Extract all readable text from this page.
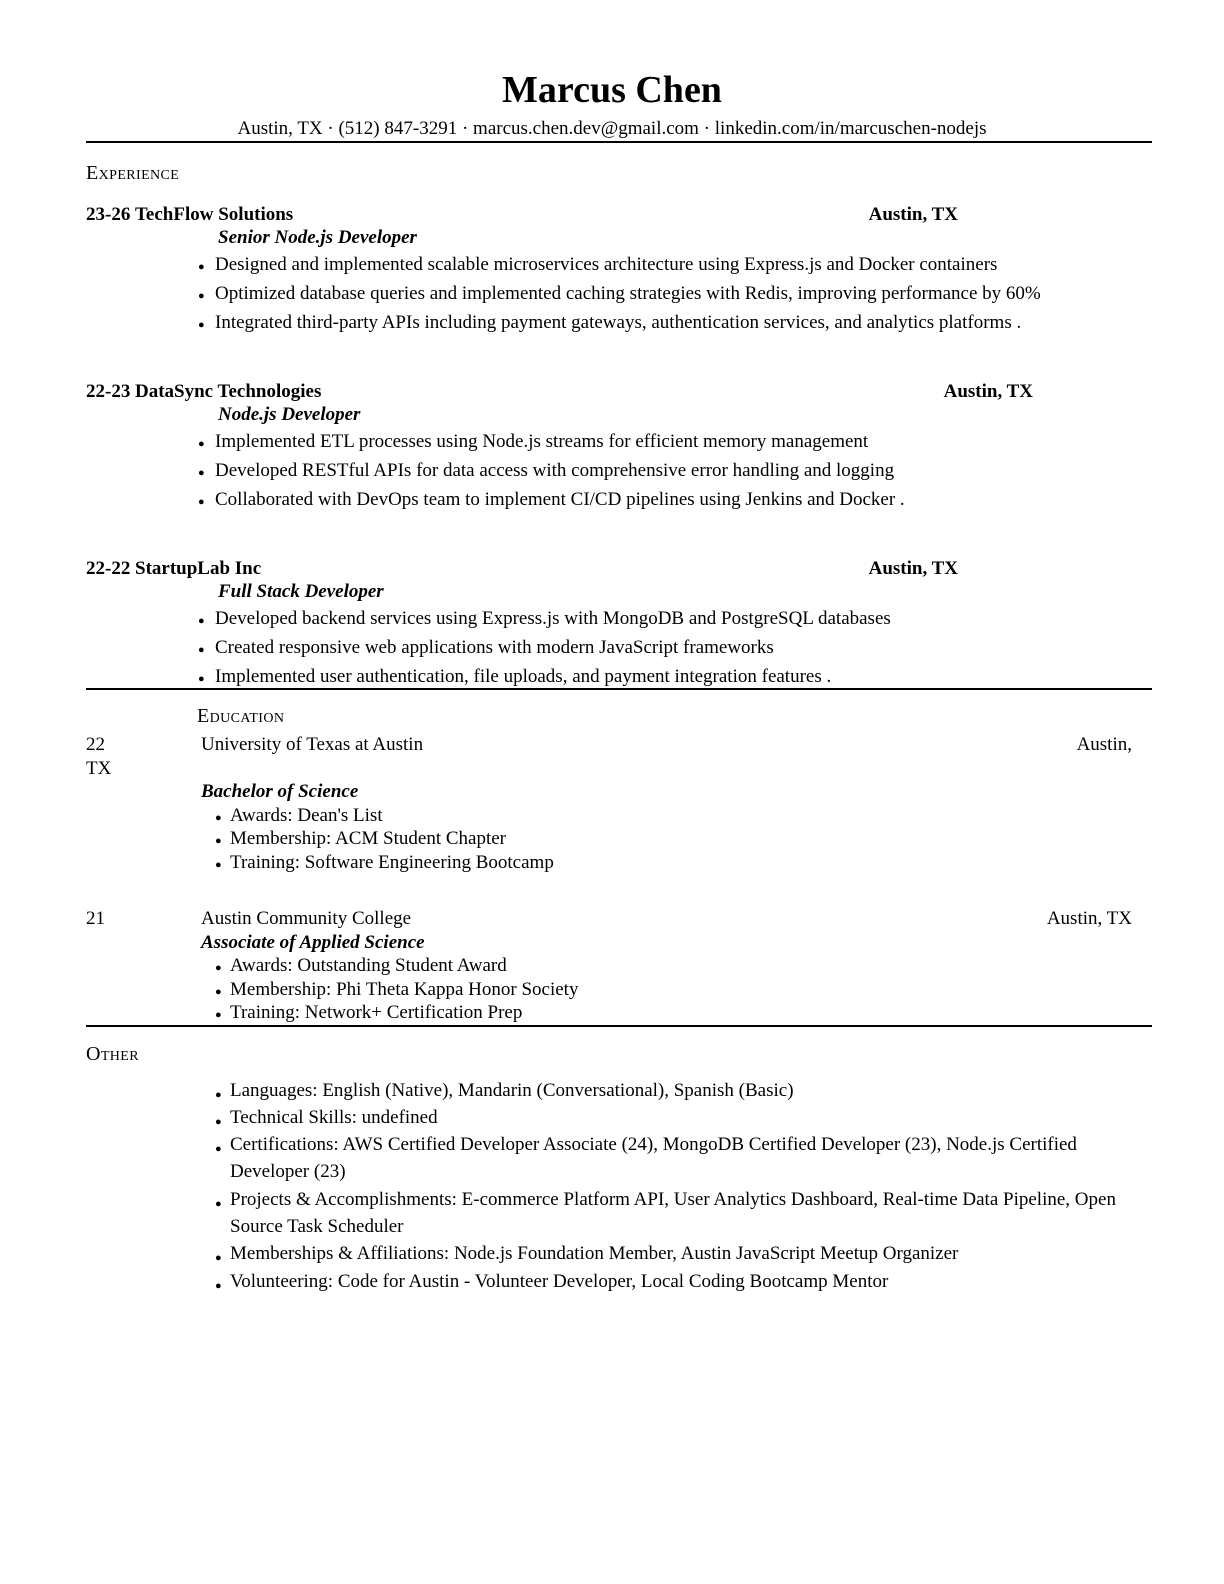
Marcus Chen
Austin, TX · (512) 847-3291 · marcus.chen.dev@gmail.com · linkedin.com/in/marcuschen-nodejs
Experience
23-26 TechFlow Solutions	Austin, TX
Senior Node.js Developer
● Designed and implemented scalable microservices architecture using Express.js and Docker containers
● Optimized database queries and implemented caching strategies with Redis, improving performance by 60%
● Integrated third-party APIs including payment gateways, authentication services, and analytics platforms .
22-23 DataSync Technologies	Austin, TX
Node.js Developer
● Implemented ETL processes using Node.js streams for efficient memory management
● Developed RESTful APIs for data access with comprehensive error handling and logging
● Collaborated with DevOps team to implement CI/CD pipelines using Jenkins and Docker .
22-22 StartupLab Inc	Austin, TX
Full Stack Developer
● Developed backend services using Express.js with MongoDB and PostgreSQL databases
● Created responsive web applications with modern JavaScript frameworks
● Implemented user authentication, file uploads, and payment integration features .
Education
22	University of Texas at Austin	Austin,
TX
Bachelor of Science
● Awards: Dean's List
● Membership: ACM Student Chapter
● Training: Software Engineering Bootcamp
21	Austin Community College	Austin, TX
Associate of Applied Science
● Awards: Outstanding Student Award
● Membership: Phi Theta Kappa Honor Society
● Training: Network+ Certification Prep
Other
● Languages: English (Native), Mandarin (Conversational), Spanish (Basic)
● Technical Skills: undefined
● Certifications: AWS Certified Developer Associate (24), MongoDB Certified Developer (23), Node.js Certified Developer (23)
● Projects & Accomplishments: E-commerce Platform API, User Analytics Dashboard, Real-time Data Pipeline, Open Source Task Scheduler
● Memberships & Affiliations: Node.js Foundation Member, Austin JavaScript Meetup Organizer
● Volunteering: Code for Austin - Volunteer Developer, Local Coding Bootcamp Mentor
